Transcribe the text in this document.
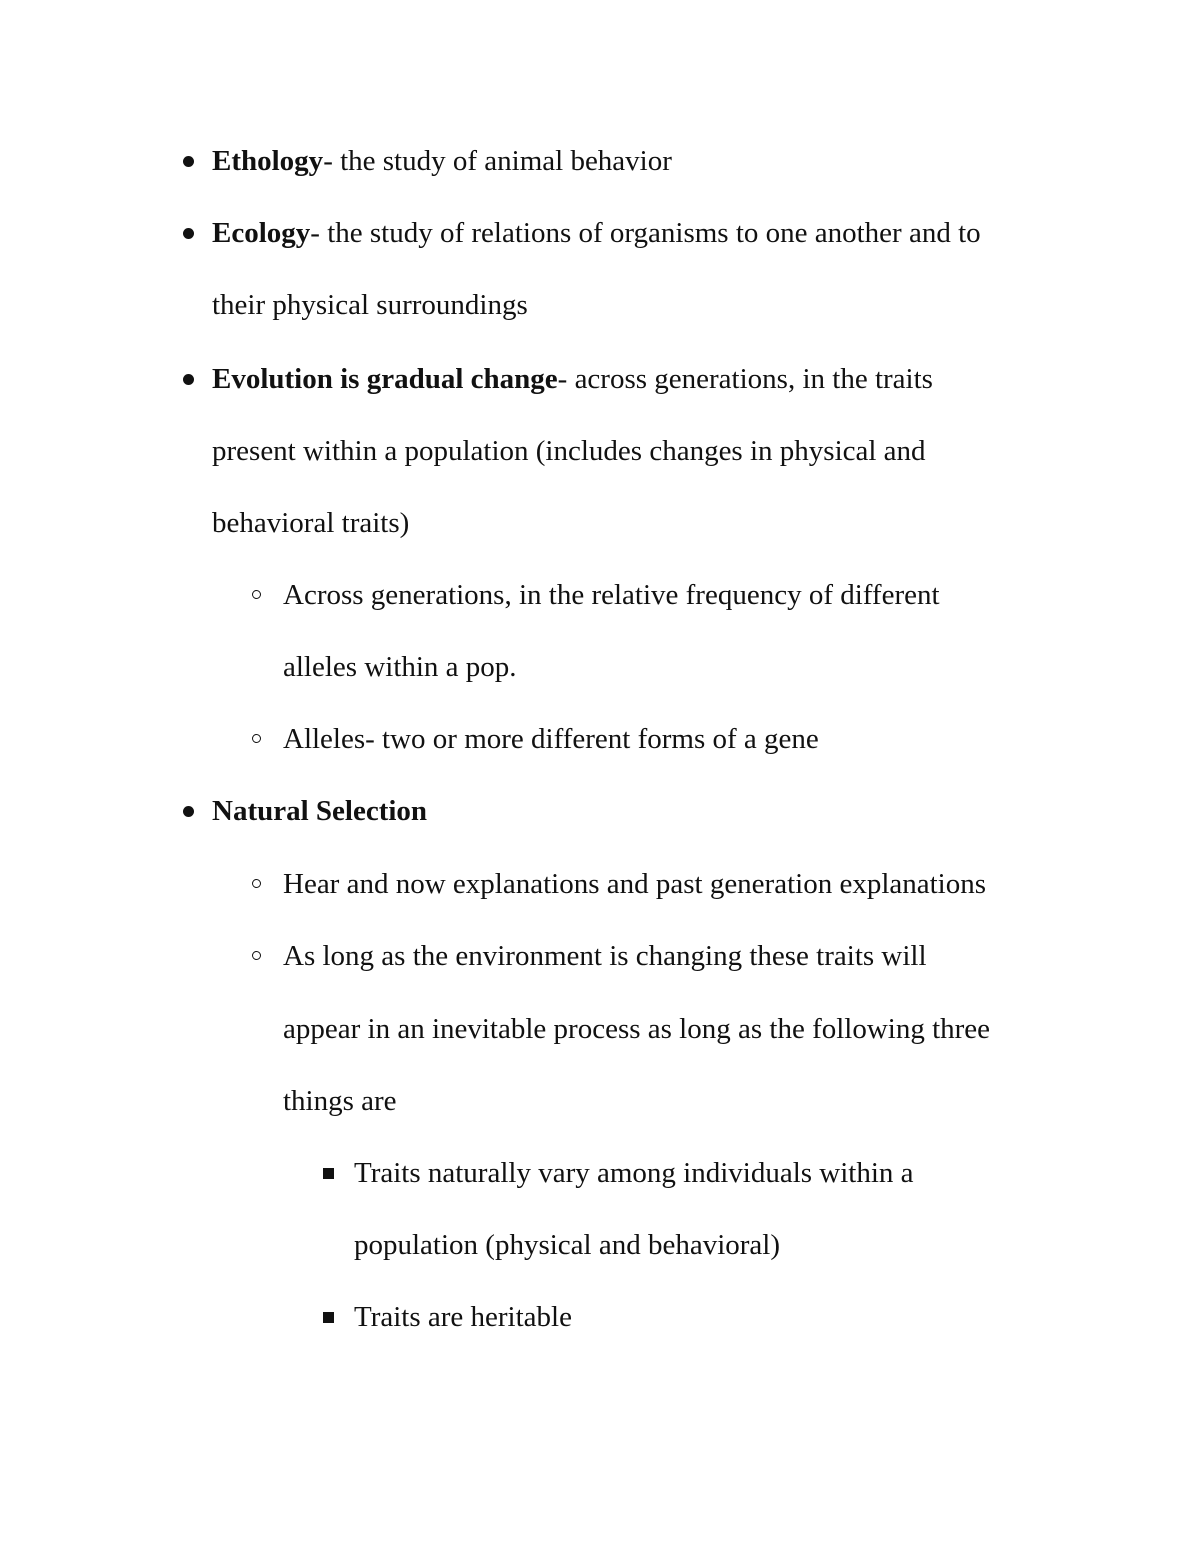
Ethology- the study of animal behavior
Ecology- the study of relations of organisms to one another and to
their physical surroundings
Evolution is gradual change- across generations, in the traits
present within a population (includes changes in physical and
behavioral traits)
Across generations, in the relative frequency of different
alleles within a pop.
Alleles- two or more different forms of a gene
Natural Selection
Hear and now explanations and past generation explanations
As long as the environment is changing these traits will
appear in an inevitable process as long as the following three
things are
Traits naturally vary among individuals within a
population (physical and behavioral)
Traits are heritable
